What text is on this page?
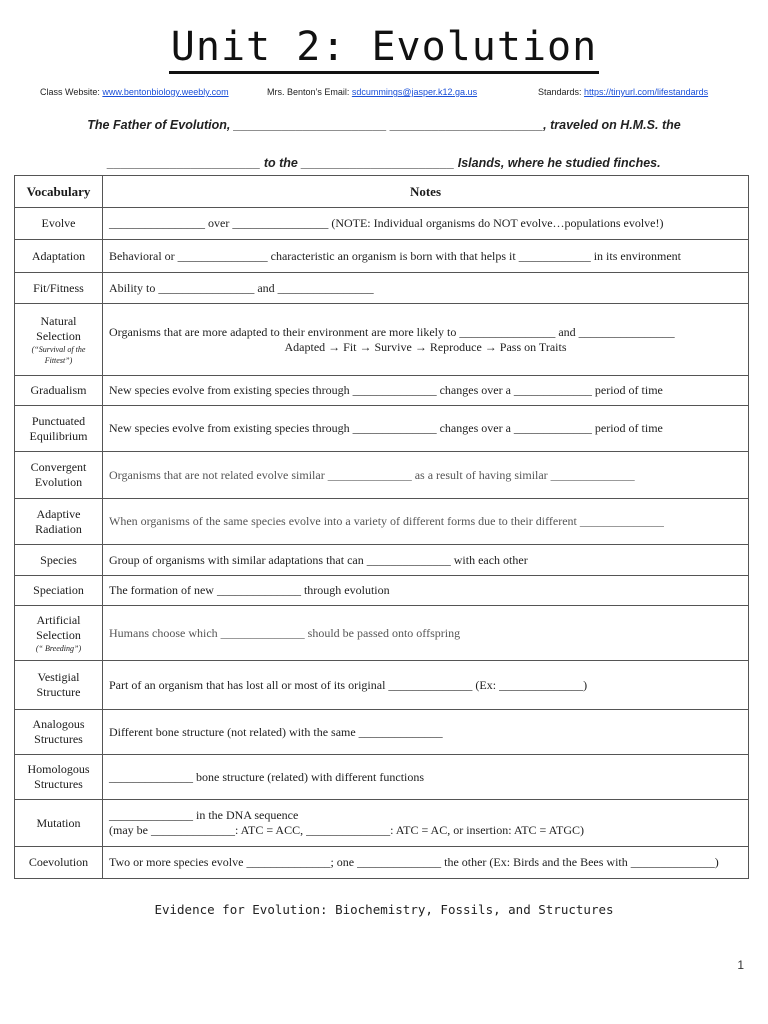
Unit 2: Evolution
Class Website: www.bentonbiology.weebly.com	Mrs. Benton’s Email: sdcummings@jasper.k12.ga.us	Standards: https://tinyurl.com/lifestandards
The Father of Evolution, ______________________ ______________________, traveled on H.M.S. the
______________________ to the ______________________ Islands, where he studied finches.
Vocabulary	Notes
Evolve	________________ over ________________ (NOTE: Individual organisms do NOT evolve…populations evolve!)

Adaptation	Behavioral or _______________ characteristic an organism is born with that helps it ____________ in its environment

Fit/Fitness	Ability to ________________ and ________________

Natural Selection
(“Survival of the Fittest”)	Organisms that are more adapted to their environment are more likely to ________________ and ________________
Adapted → Fit → Survive → Reproduce → Pass on Traits

Gradualism	New species evolve from existing species through ______________ changes over a _____________ period of time

Punctuated Equilibrium	New species evolve from existing species through ______________ changes over a _____________ period of time

Convergent Evolution	Organisms that are not related evolve similar ______________ as a result of having similar ______________

Adaptive Radiation	When organisms of the same species evolve into a variety of different forms due to their different ______________

Species	Group of organisms with similar adaptations that can ______________ with each other

Speciation	The formation of new ______________ through evolution

Artificial Selection
(“ Breeding”)	Humans choose which ______________ should be passed onto offspring

Vestigial Structure	Part of an organism that has lost all or most of its original ______________ (Ex: ______________)

Analogous Structures	Different bone structure (not related) with the same ______________

Homologous Structures	______________ bone structure (related) with different functions

Mutation	______________ in the DNA sequence
(may be ______________: ATC = ACC, ______________: ATC = AC, or insertion: ATC = ATGC)

Coevolution	Two or more species evolve ______________; one ______________ the other (Ex: Birds and the Bees with ______________)
Evidence for Evolution: Biochemistry, Fossils, and Structures
1
